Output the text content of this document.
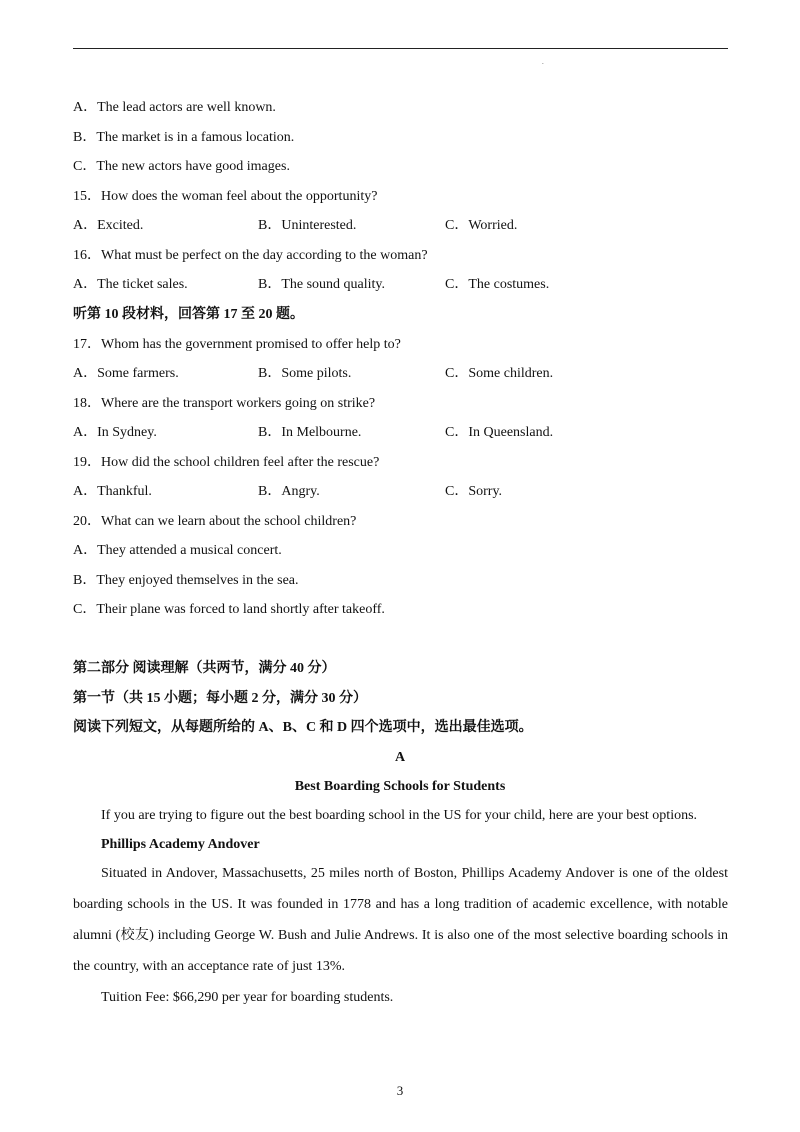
.
A．The lead actors are well known.
B．The market is in a famous location.
C．The new actors have good images.
15．How does the woman feel about the opportunity?
A．Excited.	B．Uninterested.	C．Worried.
16．What must be perfect on the day according to the woman?
A．The ticket sales.	B．The sound quality.	C．The costumes.
听第 10 段材料，回答第 17 至 20 题。
17．Whom has the government promised to offer help to?
A．Some farmers.	B．Some pilots.	C．Some children.
18．Where are the transport workers going on strike?
A．In Sydney.	B．In Melbourne.	C．In Queensland.
19．How did the school children feel after the rescue?
A．Thankful.	B．Angry.	C．Sorry.
20．What can we learn about the school children?
A．They attended a musical concert.
B．They enjoyed themselves in the sea.
C．Their plane was forced to land shortly after takeoff.
第二部分 阅读理解（共两节，满分 40 分）
第一节（共 15 小题；每小题 2 分，满分 30 分）
阅读下列短文，从每题所给的 A、B、C 和 D 四个选项中，选出最佳选项。
A
Best Boarding Schools for Students
If you are trying to figure out the best boarding school in the US for your child, here are your best options.
Phillips Academy Andover
Situated in Andover, Massachusetts, 25 miles north of Boston, Phillips Academy Andover is one of the oldest boarding schools in the US. It was founded in 1778 and has a long tradition of academic excellence, with notable alumni (校友) including George W. Bush and Julie Andrews. It is also one of the most selective boarding schools in the country, with an acceptance rate of just 13%.
Tuition Fee: $66,290 per year for boarding students.
3
